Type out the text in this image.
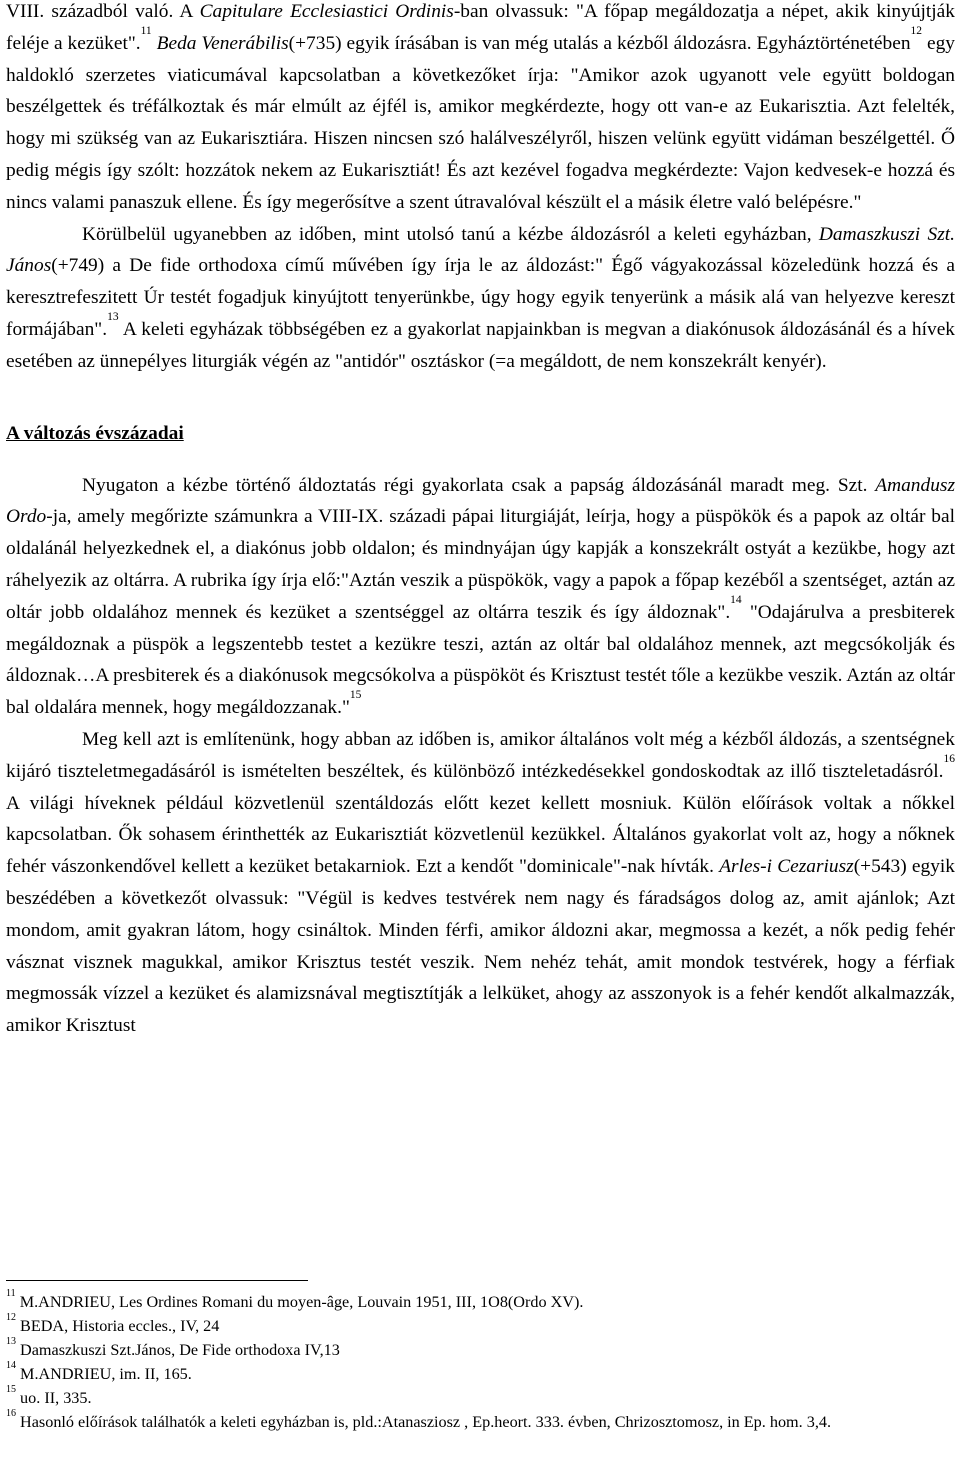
VIII. századból való. A Capitulare Ecclesiastici Ordinis-ban olvassuk: "A főpap megáldozatja a népet, akik kinyújtják feléje a kezüket".$^{11}$ Beda Venerábilis(+735) egyik írásában is van még utalás a kézből áldozásra. Egyháztörténetében$^{12}$ egy haldokló szerzetes viaticumával kapcsolatban a következőket írja: "Amikor azok ugyanott vele együtt boldogan beszélgettek és tréfálkoztak és már elmúlt az éjfél is, amikor megkérdezte, hogy ott van-e az Eukarisztia. Azt felelték, hogy mi szükség van az Eukarisztiára. Hiszen nincsen szó halálveszélyről, hiszen velünk együtt vidáman beszélgettél. Ő pedig mégis így szólt: hozzátok nekem az Eukarisztiát! És azt kezével fogadva megkérdezte: Vajon kedvesek-e hozzá és nincs valami panaszuk ellene. És így megerősítve a szent útravalóval készült el a másik életre való belépésre."

Körülbelül ugyanebben az időben, mint utolsó tanú a kézbe áldozásról a keleti egyházban, Damaszkuszi Szt. János(+749) a De fide orthodoxa című művében így írja le az áldozást:" Égő vágyakozással közeledünk hozzá és a keresztrefeszitett Úr testét fogadjuk kinyújtott tenyerünkbe, úgy hogy egyik tenyerünk a másik alá van helyezve kereszt formájában".$^{13}$ A keleti egyházak többségében ez a gyakorlat napjainkban is megvan a diakónusok áldozásánál és a hívek esetében az ünnepélyes liturgiák végén az "antidór" osztáskor (=a megáldott, de nem konszekrált kenyér).

A változás évszázadai

Nyugaton a kézbe történő áldoztatás régi gyakorlata csak a papság áldozásánál maradt meg. Szt. Amandusz Ordo-ja, amely megőrizte számunkra a VIII-IX. századi pápai liturgiáját, leírja, hogy a püspökök és a papok az oltár bal oldalánál helyezkednek el, a diakónus jobb oldalon; és mindnyájan úgy kapják a konszekrált ostyát a kezükbe, hogy azt ráhelyezik az oltárra. A rubrika így írja elő:"Aztán veszik a püspökök, vagy a papok a főpap kezéből a szentséget, aztán az oltár jobb oldalához mennek és kezüket a szentséggel az oltárra teszik és így áldoznak".$^{14}$ "Odajárulva a presbiterek megáldoznak a püspök a legszentebb testet a kezükre teszi, aztán az oltár bal oldalához mennek, azt megcsókolják és áldoznak…A presbiterek és a diakónusok megcsókolva a püspököt és Krisztust testét tőle a kezükbe veszik. Aztán az oltár bal oldalára mennek, hogy megáldozzanak."$^{15}$

Meg kell azt is említenünk, hogy abban az időben is, amikor általános volt még a kézből áldozás, a szentségnek kijáró tiszteletmegadásáról is ismételten beszéltek, és különböző intézkedésekkel gondoskodtak az illő tiszteletadásról.$^{16}$ A világi híveknek például közvetlenül szentáldozás előtt kezet kellett mosniuk. Külön előírások voltak a nőkkel kapcsolatban. Ők sohasem érinthették az Eukarisztiát közvetlenül kezükkel. Általános gyakorlat volt az, hogy a nőknek fehér vászonkendővel kellett a kezüket betakarniok. Ezt a kendőt "dominicale"-nak hívták. Arles-i Cezariusz(+543) egyik beszédében a következőt olvassuk: "Végül is kedves testvérek nem nagy és fáradságos dolog az, amit ajánlok; Azt mondom, amit gyakran látom, hogy csináltok. Minden férfi, amikor áldozni akar, megmossa a kezét, a nők pedig fehér vásznat visznek magukkal, amikor Krisztus testét veszik. Nem nehéz tehát, amit mondok testvérek, hogy a férfiak megmossák vízzel a kezüket és alamizsnával megtisztítják a lelküket, ahogy az asszonyok is a fehér kendőt alkalmazzák, amikor Krisztust

$^{11}$ M.ANDRIEU, Les Ordines Romani du moyen-âge, Louvain 1951, III, 1O8(Ordo XV).

$^{12}$ BEDA, Historia eccles., IV, 24

$^{13}$ Damaszkuszi Szt.János, De Fide orthodoxa IV,13

$^{14}$ M.ANDRIEU, im. II, 165.

$^{15}$ uo. II, 335.

$^{16}$ Hasonló előírások találhatók a keleti egyházban is, pld.:Atanasziosz , Ep.heort. 333. évben, Chrizosztomosz, in Ep. hom. 3,4.
